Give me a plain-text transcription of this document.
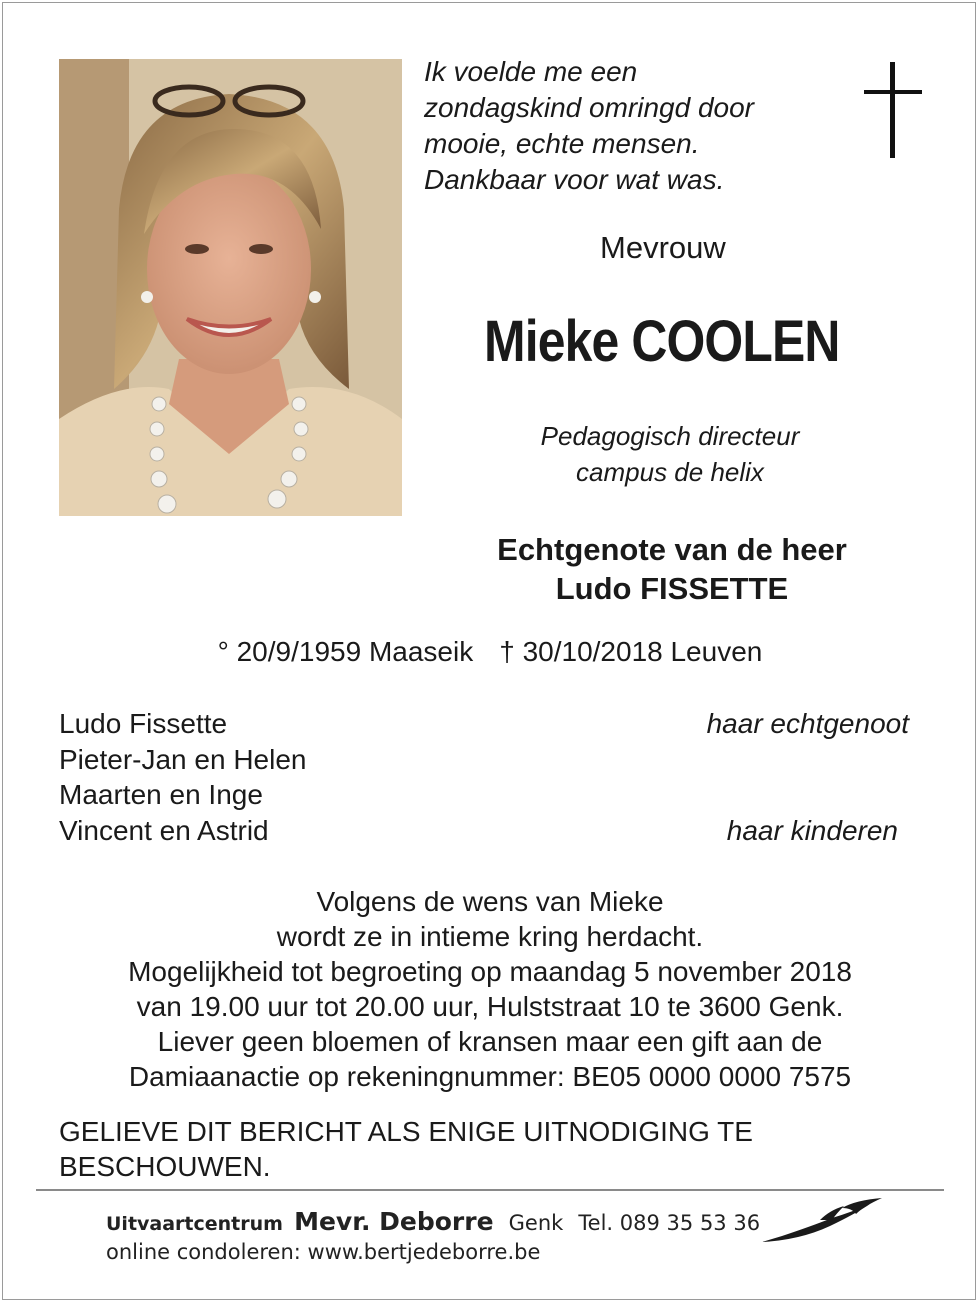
Ik voelde me een
zondagskind omringd door
mooie, echte mensen.
Dankbaar voor wat was.
Mevrouw
Mieke COOLEN
Pedagogisch directeur
campus de helix
Echtgenote van de heer
Ludo FISSETTE
° 20/9/1959 Maaseik † 30/10/2018 Leuven
Ludo Fissette	haar echtgenoot
Pieter-Jan en Helen
Maarten en Inge
Vincent en Astrid	haar kinderen
Volgens de wens van Mieke
wordt ze in intieme kring herdacht.
Mogelijkheid tot begroeting op maandag 5 november 2018
van 19.00 uur tot 20.00 uur, Hulststraat 10 te 3600 Genk.
Liever geen bloemen of kransen maar een gift aan de
Damiaanactie op rekeningnummer: BE05 0000 0000 7575
GELIEVE DIT BERICHT ALS ENIGE UITNODIGING TE
BESCHOUWEN.
Uitvaartcentrum Mevr. Deborre Genk Tel. 089 35 53 36
online condoleren: www.bertjedeborre.be
